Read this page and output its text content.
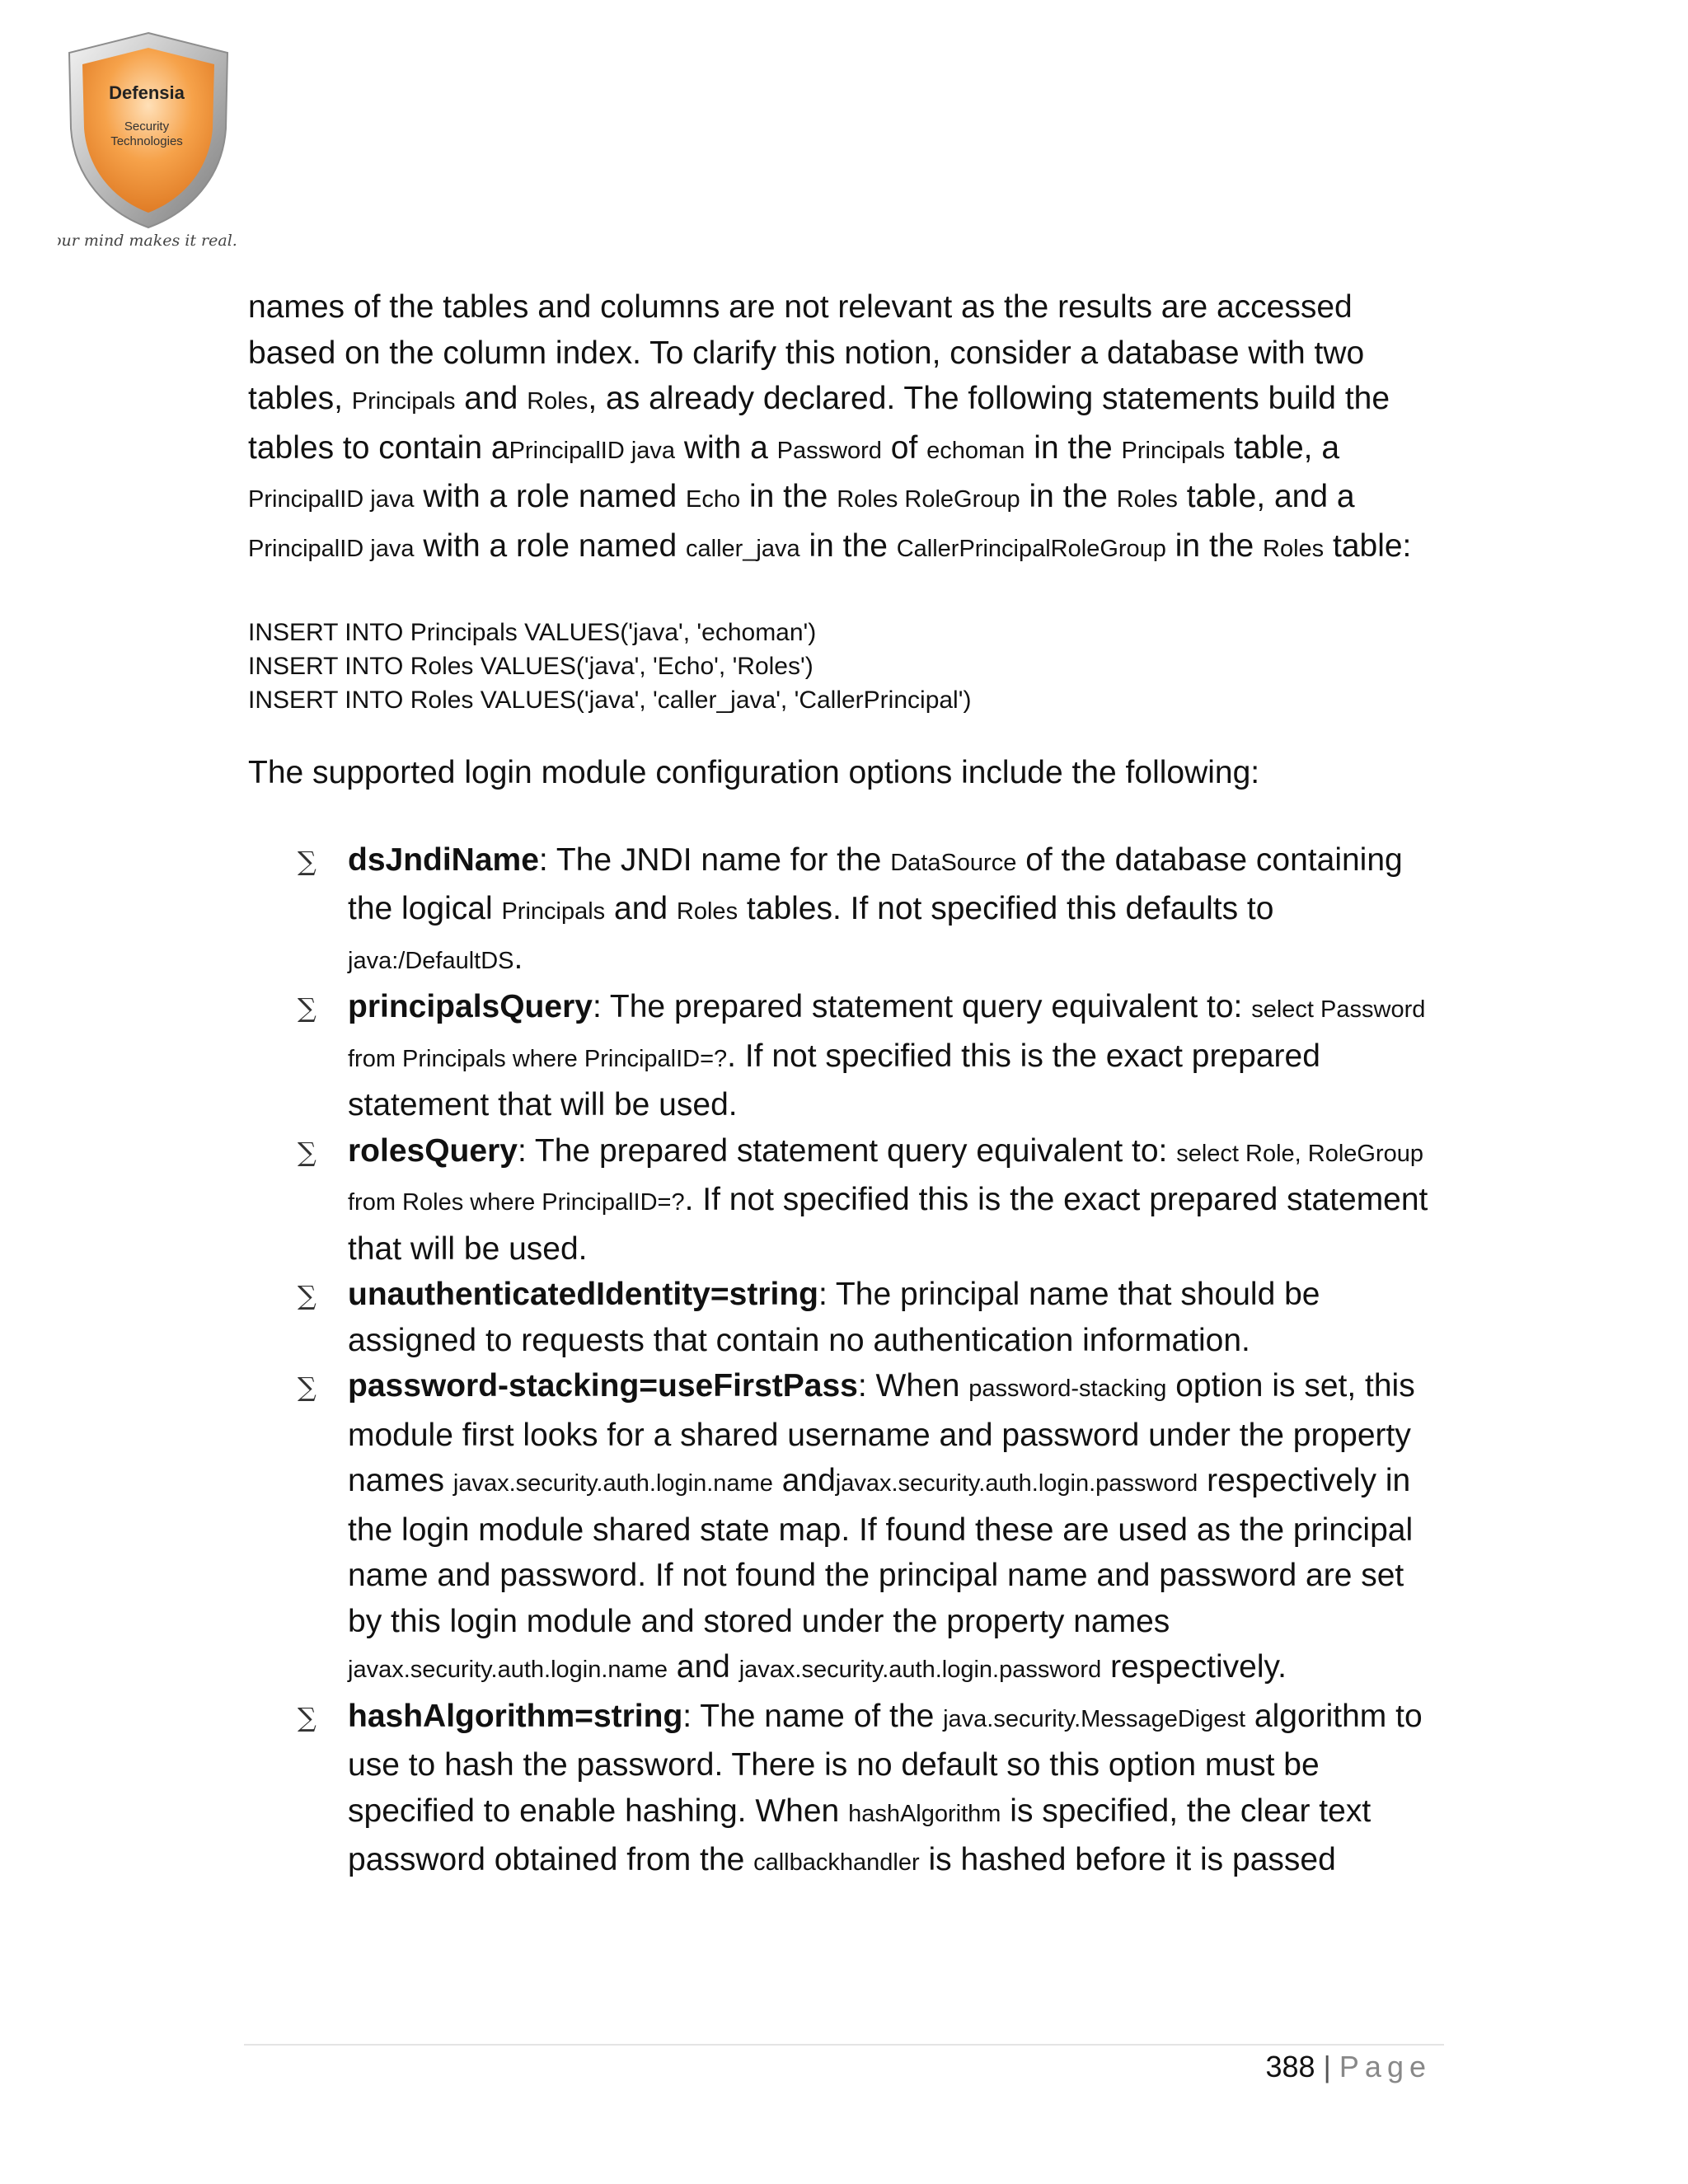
Defensia
Security
Technologies
Your mind makes it real.

names of the tables and columns are not relevant as the results are accessed based on the column index. To clarify this notion, consider a database with two tables, Principals and Roles, as already declared. The following statements build the tables to contain aPrincipalID java with a Password of echoman in the Principals table, a PrincipalID java with a role named Echo in the Roles RoleGroup in the Roles table, and a PrincipalID java with a role named caller_java in the CallerPrincipalRoleGroup in the Roles table:

INSERT INTO Principals VALUES('java', 'echoman')
INSERT INTO Roles VALUES('java', 'Echo', 'Roles')
INSERT INTO Roles VALUES('java', 'caller_java', 'CallerPrincipal')

The supported login module configuration options include the following:

∑ dsJndiName: The JNDI name for the DataSource of the database containing the logical Principals and Roles tables. If not specified this defaults to java:/DefaultDS.
∑ principalsQuery: The prepared statement query equivalent to: select Password from Principals where PrincipalID=?. If not specified this is the exact prepared statement that will be used.
∑ rolesQuery: The prepared statement query equivalent to: select Role, RoleGroup from Roles where PrincipalID=?. If not specified this is the exact prepared statement that will be used.
∑ unauthenticatedIdentity=string: The principal name that should be assigned to requests that contain no authentication information.
∑ password-stacking=useFirstPass: When password-stacking option is set, this module first looks for a shared username and password under the property names javax.security.auth.login.name andjavax.security.auth.login.password respectively in the login module shared state map. If found these are used as the principal name and password. If not found the principal name and password are set by this login module and stored under the property names javax.security.auth.login.name and javax.security.auth.login.password respectively.
∑ hashAlgorithm=string: The name of the java.security.MessageDigest algorithm to use to hash the password. There is no default so this option must be specified to enable hashing. When hashAlgorithm is specified, the clear text password obtained from the callbackhandler is hashed before it is passed
388 | Page
